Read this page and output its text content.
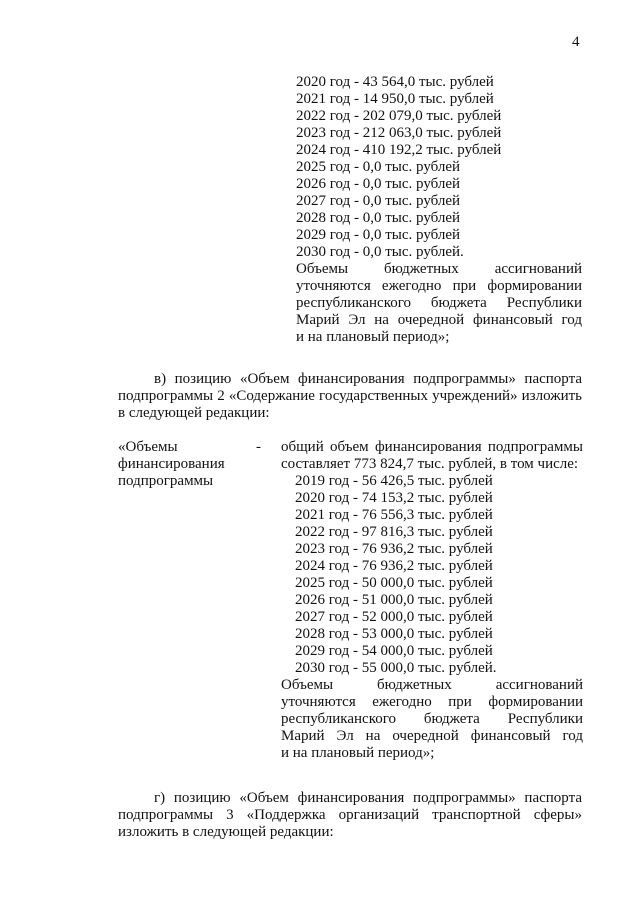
4
2020 год - 43 564,0 тыс. рублей
2021 год - 14 950,0 тыс. рублей
2022 год - 202 079,0 тыс. рублей
2023 год - 212 063,0 тыс. рублей
2024 год - 410 192,2 тыс. рублей
2025 год - 0,0 тыс. рублей
2026 год - 0,0 тыс. рублей
2027 год - 0,0 тыс. рублей
2028 год - 0,0 тыс. рублей
2029 год - 0,0 тыс. рублей
2030 год - 0,0 тыс. рублей.
Объемы бюджетных ассигнований
уточняются ежегодно при формировании
республиканского бюджета Республики
Марий Эл на очередной финансовый год
и на плановый период»;
в) позицию «Объем финансирования подпрограммы» паспорта
подпрограммы 2 «Содержание государственных учреждений» изложить
в следующей редакции:
«Объемы
финансирования
подпрограммы
- общий объем финансирования подпрограммы
составляет 773 824,7 тыс. рублей, в том числе:
2019 год - 56 426,5 тыс. рублей
2020 год - 74 153,2 тыс. рублей
2021 год - 76 556,3 тыс. рублей
2022 год - 97 816,3 тыс. рублей
2023 год - 76 936,2 тыс. рублей
2024 год - 76 936,2 тыс. рублей
2025 год - 50 000,0 тыс. рублей
2026 год - 51 000,0 тыс. рублей
2027 год - 52 000,0 тыс. рублей
2028 год - 53 000,0 тыс. рублей
2029 год - 54 000,0 тыс. рублей
2030 год - 55 000,0 тыс. рублей.
Объемы бюджетных ассигнований
уточняются ежегодно при формировании
республиканского бюджета Республики
Марий Эл на очередной финансовый год
и на плановый период»;
г) позицию «Объем финансирования подпрограммы» паспорта
подпрограммы 3 «Поддержка организаций транспортной сферы»
изложить в следующей редакции:
